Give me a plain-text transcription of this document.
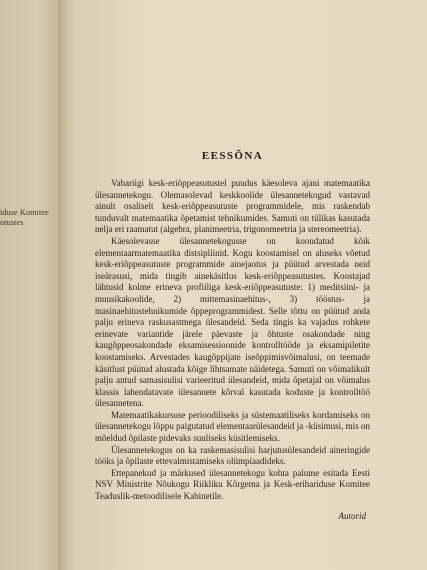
iduse Komitee
utustes
EESSÕNA

Vabariigi kesk-eriõppeasutustel puudus käesoleva ajani matemaatika ülesannetekogu. Olemasolevad keskkoolide ülesannetekogud vastavad ainult osaliselt kesk-eriõppeasutuste programmidele, mis raskendab tunduvalt matemaatika õpetamist tehnikumides. Samuti on tülikas kasutada nelja eri raamatut (algebra, planimeetria, trigonomeetria ja stereomeetria).

Käesolevasse ülesannetekogusse on koondatud kõik elementaarmatemaatika distsipliinid. Kogu koostamisel on aluseks võetud kesk-eriõppeasutuste programmide ainejaotus ja püütud arvestada neid iseärasusi, mida tingib ainekäsitlus kesk-eriõppeasutustes. Koostajad lähtusid kolme erineva profiiliga kesk-eriõppeasutuste: 1) meditsiini- ja muusikakoolide, 2) mittemasinaehitus-, 3) tööstus- ja masinaehitustehnikumide õppeprogrammidest. Selle tõttu on püütud anda palju erineva raskusastmega ülesandeid. Seda tingis ka vajadus rohkete erinevate variantide järele päevaste ja õhtuste osakondade ning kaugõppeosakondade eksamisessioonide kontrolltööde ja eksamipiletite koostamiseks. Arvestades kaugõppijate iseõppimisvõimalusi, on teemade käsitlust püütud alustada kõige lihtsamate näidetega. Samuti on võimalikult palju antud samasisulisi varieeritud ülesandeid, mida õpetajal on võimalus klassis lahendatavate ülesannete kõrval kasutada koduste ja kontrolltöö ülesannetena.

Matemaatikakursuse perioodiliseks ja süstemaatiliseks kordamiseks on ülesannetekogu lõppu paigutatud elementaarülesandeid ja -küsimusi, mis on mõeldud õpilaste pidevaks suuliseks küsitlemiseks.

Ülesannetekogus on ka raskemasisulisi harjutusülesandeid aineringide tööks ja õpilaste ettevalmistamiseks olümpiaadideks.

Ettepanekud ja märkused ülesannetekogu kohta palume esitada Eesti NSV Ministrite Nõukogu Riikliku Kõrgema ja Kesk-eriharidusе Komitee Teaduslik-metoodilisele Kabinetile.

Autorid
